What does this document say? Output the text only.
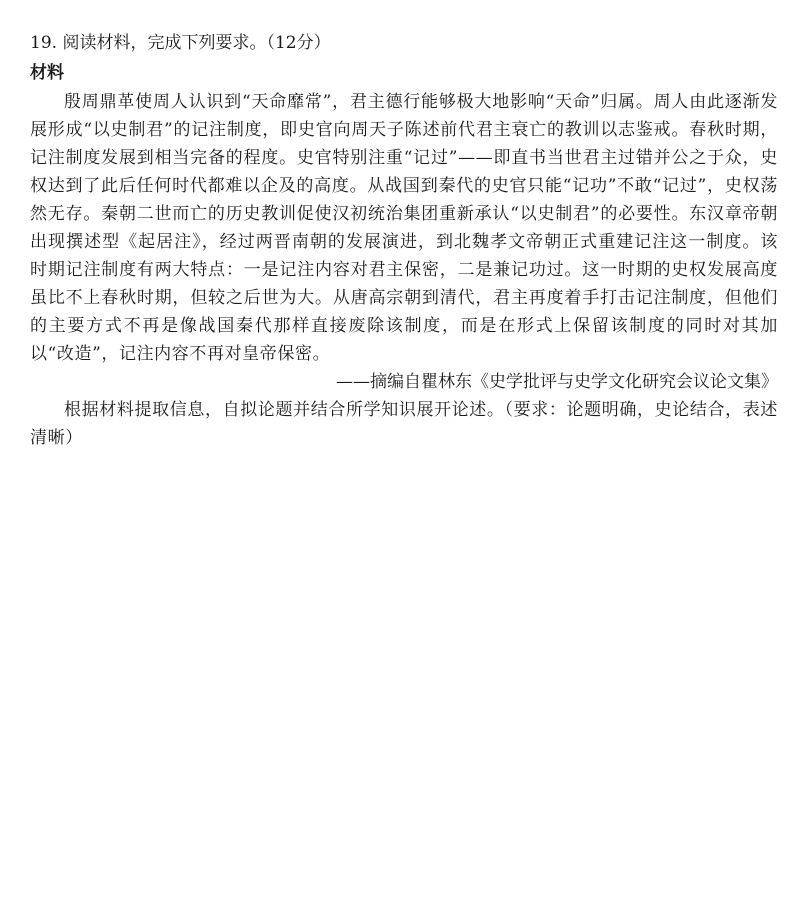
19. 阅读材料，完成下列要求。（12分）
材料

殷周鼎革使周人认识到“天命靡常”，君主德行能够极大地影响“天命”归属。周人由此逐渐发展形成“以史制君”的记注制度，即史官向周天子陈述前代君主衰亡的教训以志鉴戒。春秋时期，记注制度发展到相当完备的程度。史官特别注重“记过”——即直书当世君主过错并公之于众，史权达到了此后任何时代都难以企及的高度。从战国到秦代的史官只能“记功”不敢“记过”，史权荡然无存。秦朝二世而亡的历史教训促使汉初统治集团重新承认“以史制君”的必要性。东汉章帝朝出现撰述型《起居注》，经过两晋南朝的发展演进，到北魏孝文帝朝正式重建记注这一制度。该时期记注制度有两大特点：一是记注内容对君主保密，二是兼记功过。这一时期的史权发展高度虽比不上春秋时期，但较之后世为大。从唐高宗朝到清代，君主再度着手打击记注制度，但他们的主要方式不再是像战国秦代那样直接废除该制度，而是在形式上保留该制度的同时对其加以“改造”，记注内容不再对皇帝保密。

——摘编自瞿林东《史学批评与史学文化研究会议论文集》

根据材料提取信息，自拟论题并结合所学知识展开论述。（要求：论题明确，史论结合，表述清晰）
